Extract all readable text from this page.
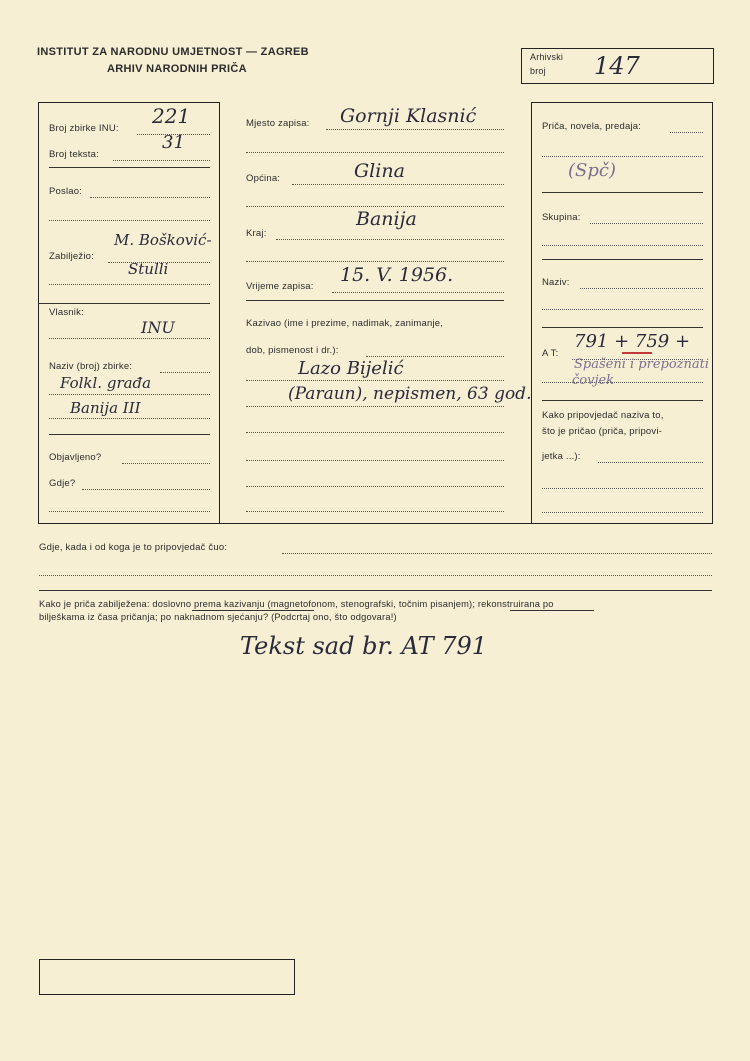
INSTITUT ZA NARODNU UMJETNOST — ZAGREB
ARHIV NARODNIH PRIČA
Arhivski
broj 147
Broj zbirke INU:
221
Broj teksta:
31
Poslao:
Zabilježio:
M. Bošković-
Stulli
Vlasnik:
INU
Naziv (broj) zbirke:
Folkl. građa
Banija III
Objavljeno?
Gdje?
Mjesto zapisa: Gornji Klasnić
Općina:	Glina
Kraj:
Banija
Vrijeme zapisa:
15. V. 1956.
Kazivao (ime i prezime, nadimak, zanimanje,
dob, pismenost i dr.):
Lazo Bijelić
(Paraun), nepismen, 63 god.
Priča, novela, predaja:
(Spč)
Skupina:
Naziv:
A T:
791 + 759 +
Spašeni i prepoznati
čovjek
Kako pripovjedač naziva to,
što je pričao (priča, pripovi-
jetka ...):
Gdje, kada i od koga je to pripovjedač čuo:
Kako je priča zabilježena: doslovno prema kazivanju (magnetofonom, stenografski, točnim pisanjem); rekonstruirana po
bilješkama iz časa pričanja; po naknadnom sjećanju? (Podcrtaj ono, što odgovara!)
Tekst sad br. AT 791
